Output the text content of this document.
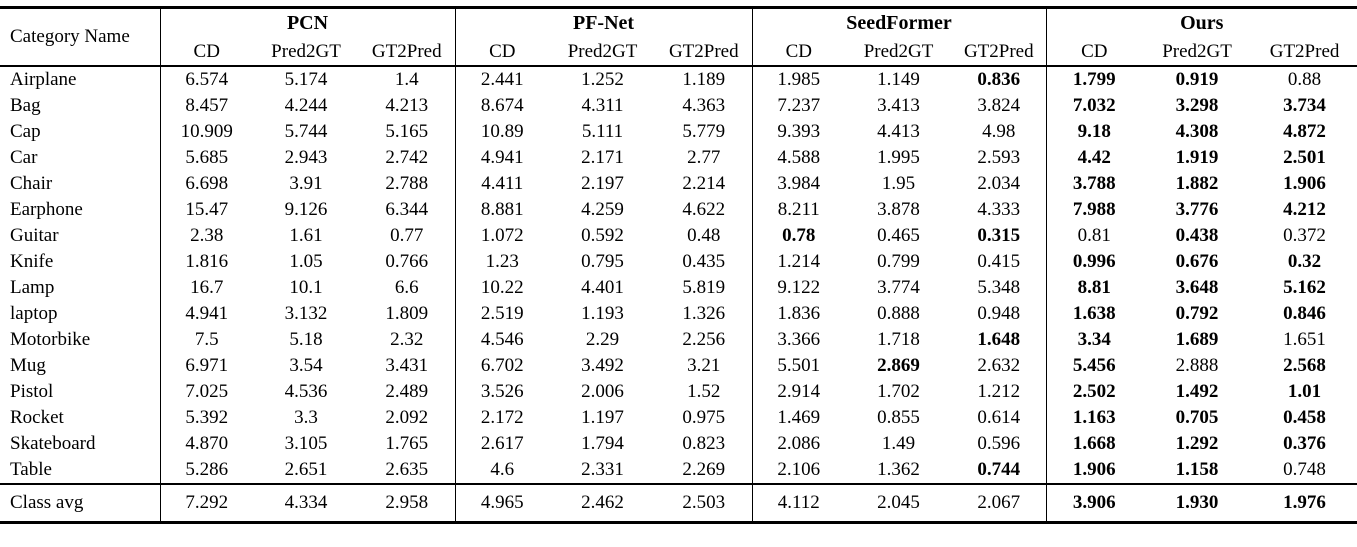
Category Name	PCN			PF-Net			SeedFormer			Ours		
	CD	Pred2GT	GT2Pred	CD	Pred2GT	GT2Pred	CD	Pred2GT	GT2Pred	CD	Pred2GT	GT2Pred
Airplane	6.574	5.174	1.4	2.441	1.252	1.189	1.985	1.149	0.836	1.799	0.919	0.88
Bag	8.457	4.244	4.213	8.674	4.311	4.363	7.237	3.413	3.824	7.032	3.298	3.734
Cap	10.909	5.744	5.165	10.89	5.111	5.779	9.393	4.413	4.98	9.18	4.308	4.872
Car	5.685	2.943	2.742	4.941	2.171	2.77	4.588	1.995	2.593	4.42	1.919	2.501
Chair	6.698	3.91	2.788	4.411	2.197	2.214	3.984	1.95	2.034	3.788	1.882	1.906
Earphone	15.47	9.126	6.344	8.881	4.259	4.622	8.211	3.878	4.333	7.988	3.776	4.212
Guitar	2.38	1.61	0.77	1.072	0.592	0.48	0.78	0.465	0.315	0.81	0.438	0.372
Knife	1.816	1.05	0.766	1.23	0.795	0.435	1.214	0.799	0.415	0.996	0.676	0.32
Lamp	16.7	10.1	6.6	10.22	4.401	5.819	9.122	3.774	5.348	8.81	3.648	5.162
laptop	4.941	3.132	1.809	2.519	1.193	1.326	1.836	0.888	0.948	1.638	0.792	0.846
Motorbike	7.5	5.18	2.32	4.546	2.29	2.256	3.366	1.718	1.648	3.34	1.689	1.651
Mug	6.971	3.54	3.431	6.702	3.492	3.21	5.501	2.869	2.632	5.456	2.888	2.568
Pistol	7.025	4.536	2.489	3.526	2.006	1.52	2.914	1.702	1.212	2.502	1.492	1.01
Rocket	5.392	3.3	2.092	2.172	1.197	0.975	1.469	0.855	0.614	1.163	0.705	0.458
Skateboard	4.870	3.105	1.765	2.617	1.794	0.823	2.086	1.49	0.596	1.668	1.292	0.376
Table	5.286	2.651	2.635	4.6	2.331	2.269	2.106	1.362	0.744	1.906	1.158	0.748
Class avg	7.292	4.334	2.958	4.965	2.462	2.503	4.112	2.045	2.067	3.906	1.930	1.976
